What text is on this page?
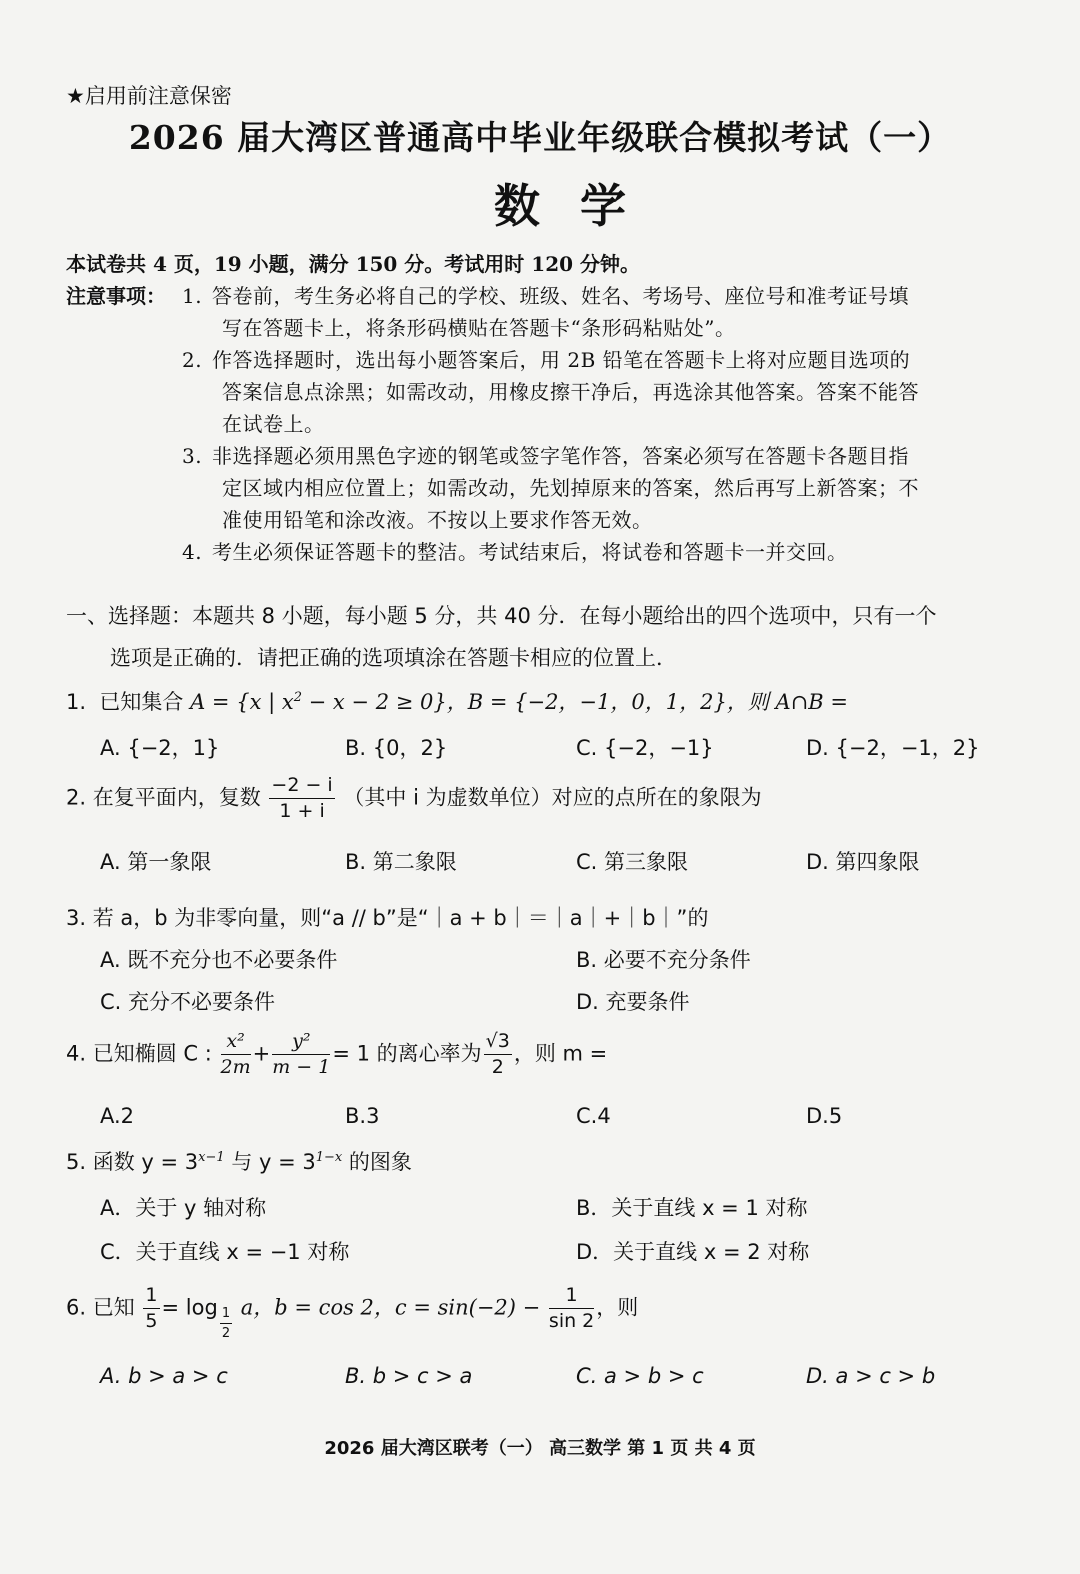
★启用前注意保密
2026 届大湾区普通高中毕业年级联合模拟考试（一）
数学
本试卷共 4 页，19 小题，满分 150 分。考试用时 120 分钟。
注意事项： 1. 答卷前，考生务必将自己的学校、班级、姓名、考场号、座位号和准考证号填
写在答题卡上，将条形码横贴在答题卡“条形码粘贴处”。
2. 作答选择题时，选出每小题答案后，用 2B 铅笔在答题卡上将对应题目选项的
答案信息点涂黑；如需改动，用橡皮擦干净后，再选涂其他答案。答案不能答
在试卷上。
3. 非选择题必须用黑色字迹的钢笔或签字笔作答，答案必须写在答题卡各题目指
定区域内相应位置上；如需改动，先划掉原来的答案，然后再写上新答案；不
准使用铅笔和涂改液。不按以上要求作答无效。
4. 考生必须保证答题卡的整洁。考试结束后，将试卷和答题卡一并交回。
一、选择题：本题共 8 小题，每小题 5 分，共 40 分．在每小题给出的四个选项中，只有一个
选项是正确的．请把正确的选项填涂在答题卡相应的位置上．
1. 已知集合 A = {x | $x^2 - x - 2 \ge 0$}，B = {−2，−1，0，1，2}，则 A∩B =
A. {−2，1}	B. {0，2}	C. {−2，−1}	D. {−2，−1，2}
2. 在复平面内，复数 $\frac{-2 - i}{1 + i}$ （其中 i 为虚数单位）对应的点所在的象限为
A. 第一象限	B. 第二象限	C. 第三象限	D. 第四象限
3. 若 a，b 为非零向量，则“a // b”是“｜a + b｜＝｜a｜+｜b｜”的
A. 既不充分也不必要条件	B. 必要不充分条件
C. 充分不必要条件	D. 充要条件
4. 已知椭圆 C : $\frac{\text{x²}}{2m} + \frac{\text{y²}}{m - 1} = 1$ 的离心率为 $\frac{√3}{2}$ ，则 m =
A.2	B.3	C.4	D.5
5. 函数 $y = 3^{x-1}$ 与 $y = 3^{1-x}$ 的图象
A．关于 y 轴对称	B．关于直线 x = 1 对称
C．关于直线 x = −1 对称	D．关于直线 x = 2 对称
6. 已知 $\frac{1}{5} = \log \frac{1}{2}$ a，b = cos 2，$c = \sin(-2) - \frac{1}{\sin 2}$ ，则
A. b > a > c	B. b > c > a	C. a > b > c	D. a > c > b
2026 届大湾区联考（一） 高三数学 第 1 页 共 4 页
